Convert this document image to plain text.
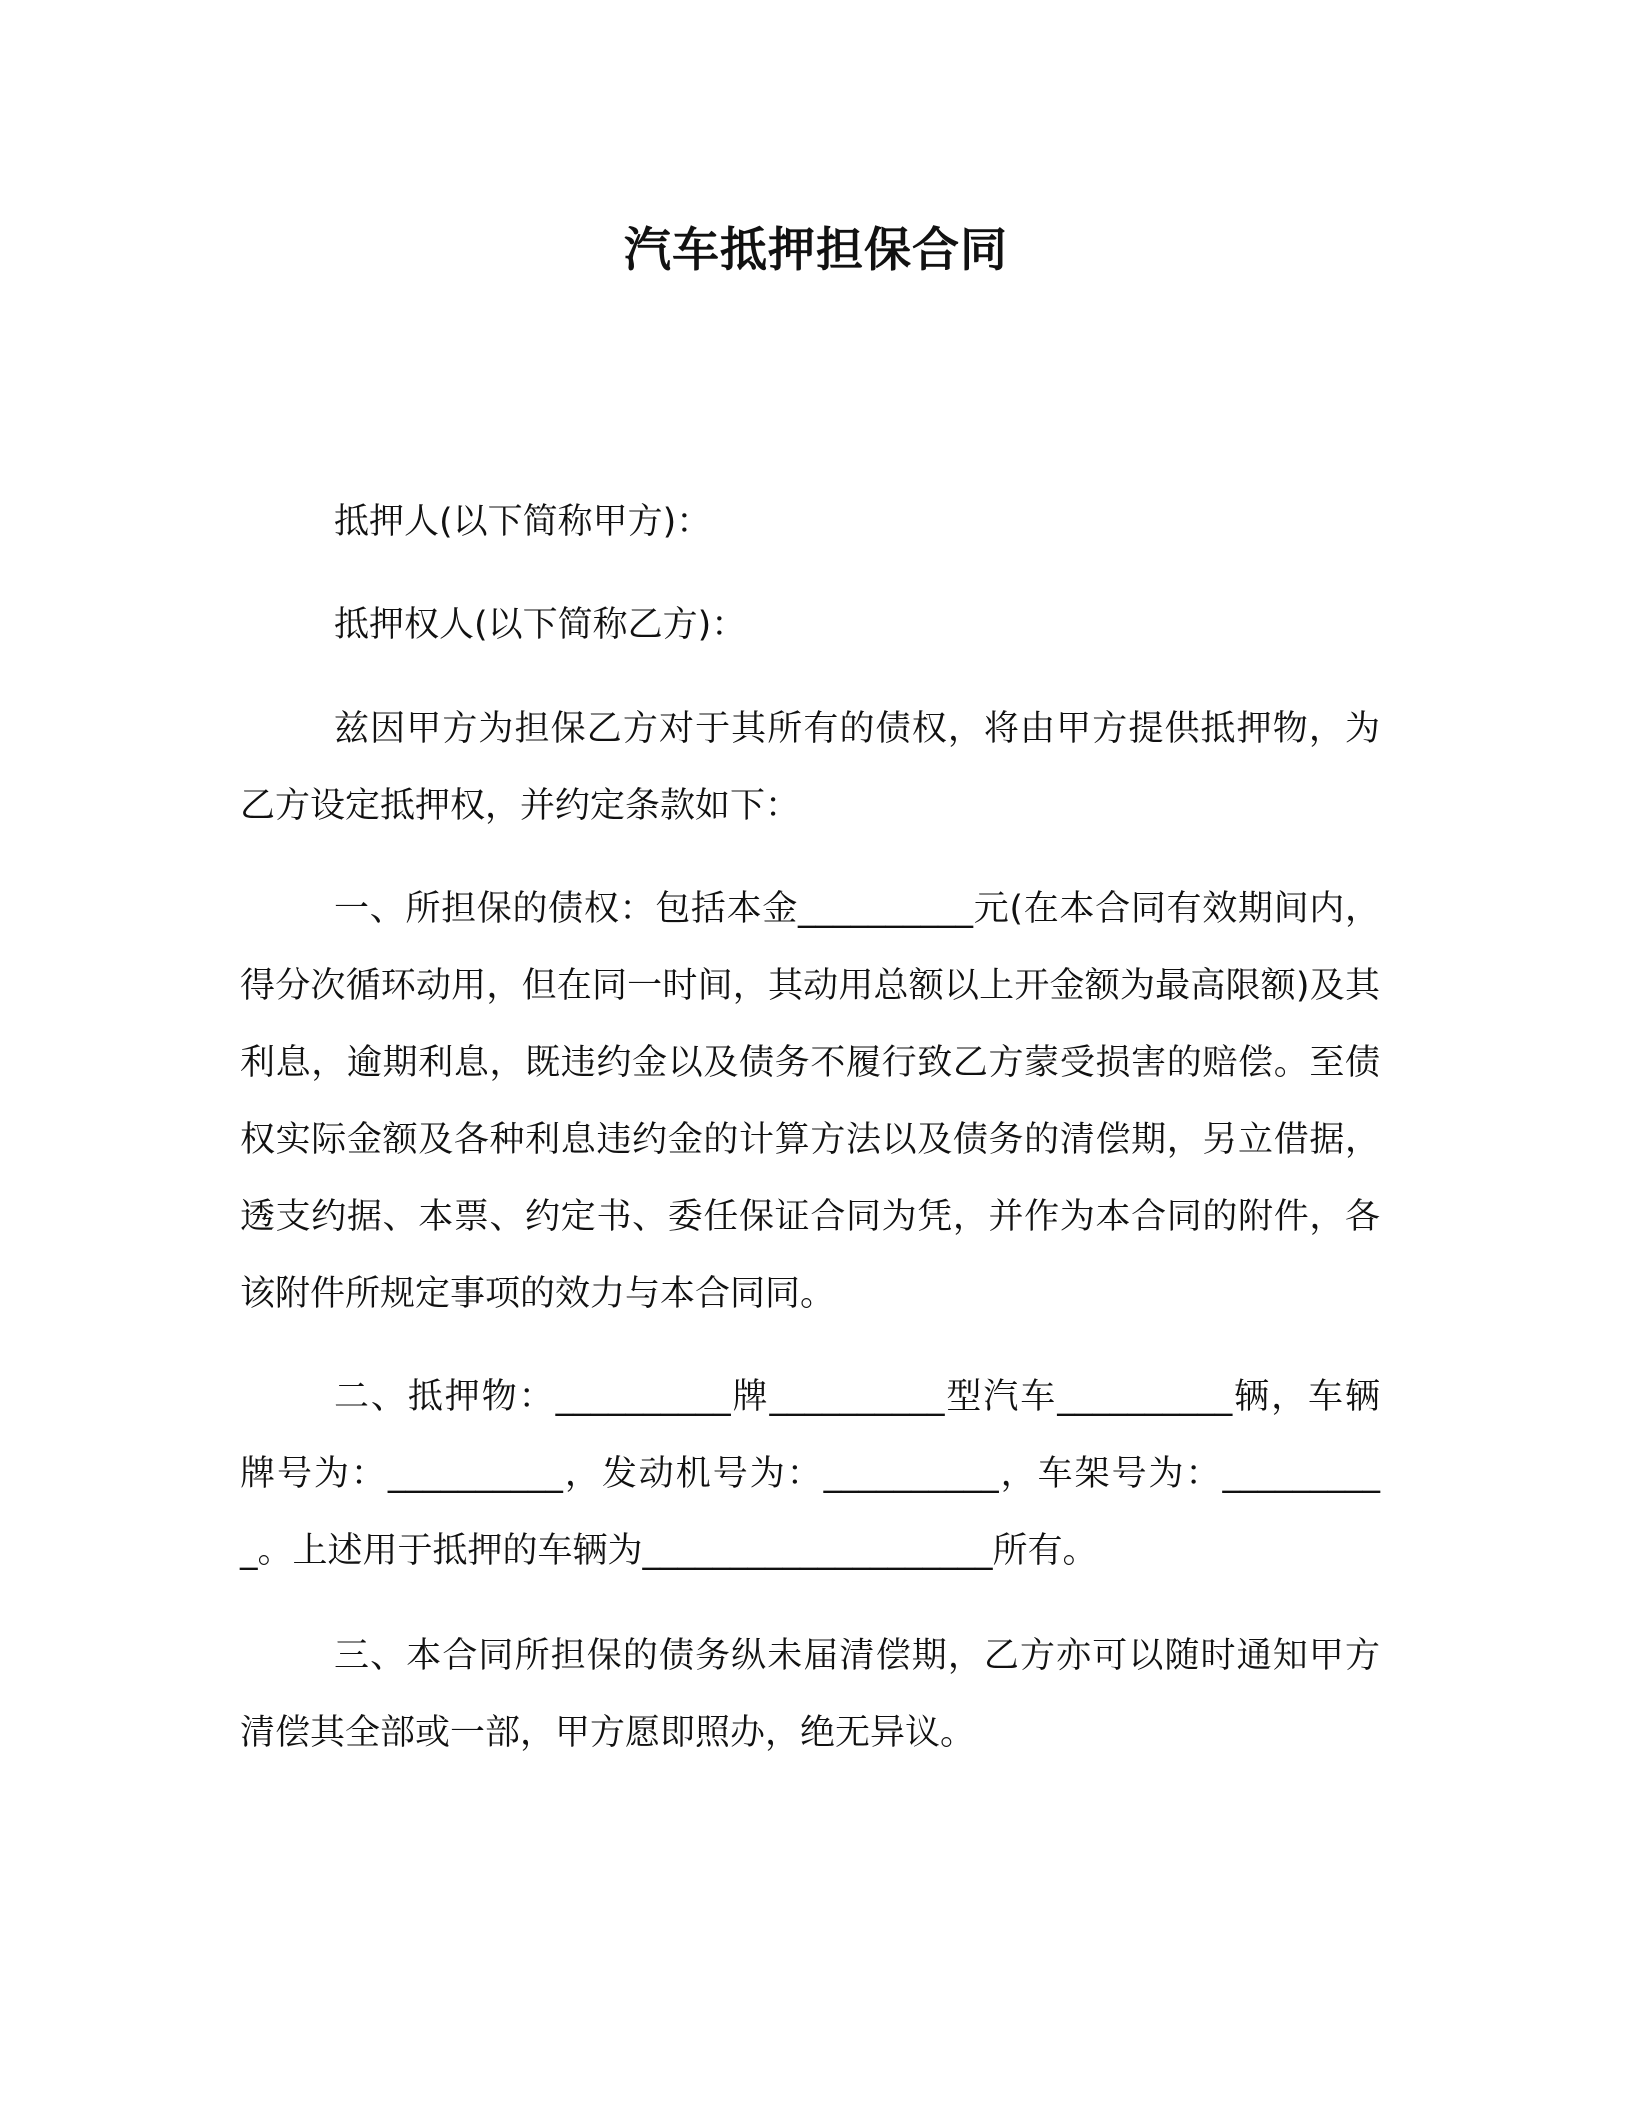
汽车抵押担保合同

抵押人(以下简称甲方)：

抵押权人(以下简称乙方)：

兹因甲方为担保乙方对于其所有的债权，将由甲方提供抵押物，为乙方设定抵押权，并约定条款如下：

一、所担保的债权：包括本金__________元(在本合同有效期间内，得分次循环动用，但在同一时间，其动用总额以上开金额为最高限额)及其利息，逾期利息，既违约金以及债务不履行致乙方蒙受损害的赔偿。至债权实际金额及各种利息违约金的计算方法以及债务的清偿期，另立借据，透支约据、本票、约定书、委任保证合同为凭，并作为本合同的附件，各该附件所规定事项的效力与本合同同。

二、抵押物：__________牌__________型汽车__________辆，车辆牌号为：__________，发动机号为：__________，车架号为：__________。上述用于抵押的车辆为____________________所有。

三、本合同所担保的债务纵未届清偿期，乙方亦可以随时通知甲方清偿其全部或一部，甲方愿即照办，绝无异议。
